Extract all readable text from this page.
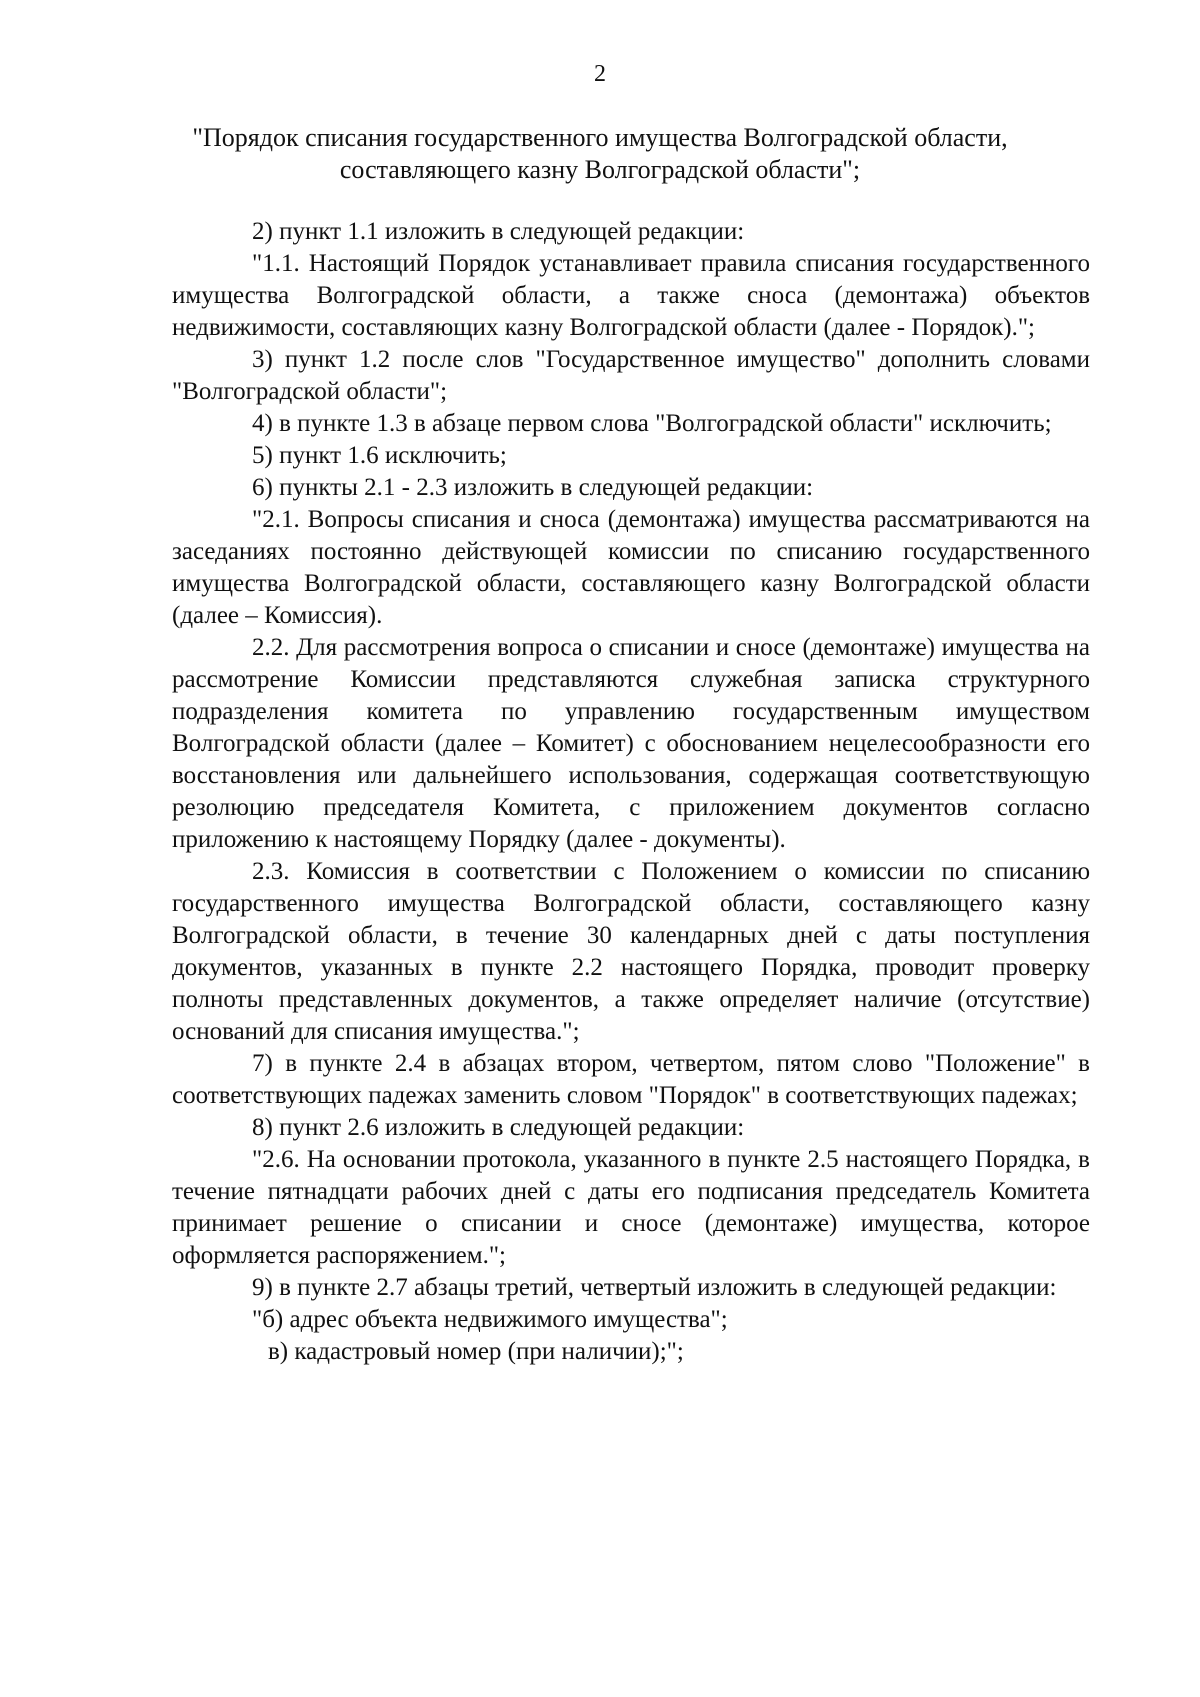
2
"Порядок списания государственного имущества Волгоградской области,
составляющего казну Волгоградской области";

2) пункт 1.1 изложить в следующей редакции:

"1.1. Настоящий Порядок устанавливает правила списания государственного имущества Волгоградской области, а также сноса (демонтажа) объектов недвижимости, составляющих казну Волгоградской области (далее - Порядок).";

3) пункт 1.2 после слов "Государственное имущество" дополнить словами "Волгоградской области";

4) в пункте 1.3 в абзаце первом слова "Волгоградской области" исключить;

5) пункт 1.6 исключить;

6) пункты 2.1 - 2.3 изложить в следующей редакции:

"2.1. Вопросы списания и сноса (демонтажа) имущества рассматриваются на заседаниях постоянно действующей комиссии по списанию государственного имущества Волгоградской области, составляющего казну Волгоградской области (далее – Комиссия).

2.2. Для рассмотрения вопроса о списании и сносе (демонтаже) имущества на рассмотрение Комиссии представляются служебная записка структурного подразделения комитета по управлению государственным имуществом Волгоградской области (далее – Комитет) с обоснованием нецелесообразности его восстановления или дальнейшего использования, содержащая соответствующую резолюцию председателя Комитета, с приложением документов согласно приложению к настоящему Порядку (далее - документы).

2.3. Комиссия в соответствии с Положением о комиссии по списанию государственного имущества Волгоградской области, составляющего казну Волгоградской области, в течение 30 календарных дней с даты поступления документов, указанных в пункте 2.2 настоящего Порядка, проводит проверку полноты представленных документов, а также определяет наличие (отсутствие) оснований для списания имущества.";

7) в пункте 2.4 в абзацах втором, четвертом, пятом слово "Положение" в соответствующих падежах заменить словом "Порядок" в соответствующих падежах;

8) пункт 2.6 изложить в следующей редакции:

"2.6. На основании протокола, указанного в пункте 2.5 настоящего Порядка, в течение пятнадцати рабочих дней с даты его подписания председатель Комитета принимает решение о списании и сносе (демонтаже) имущества, которое оформляется распоряжением.";

9) в пункте 2.7 абзацы третий, четвертый изложить в следующей редакции:

"б) адрес объекта недвижимого имущества";

в) кадастровый номер (при наличии);";
